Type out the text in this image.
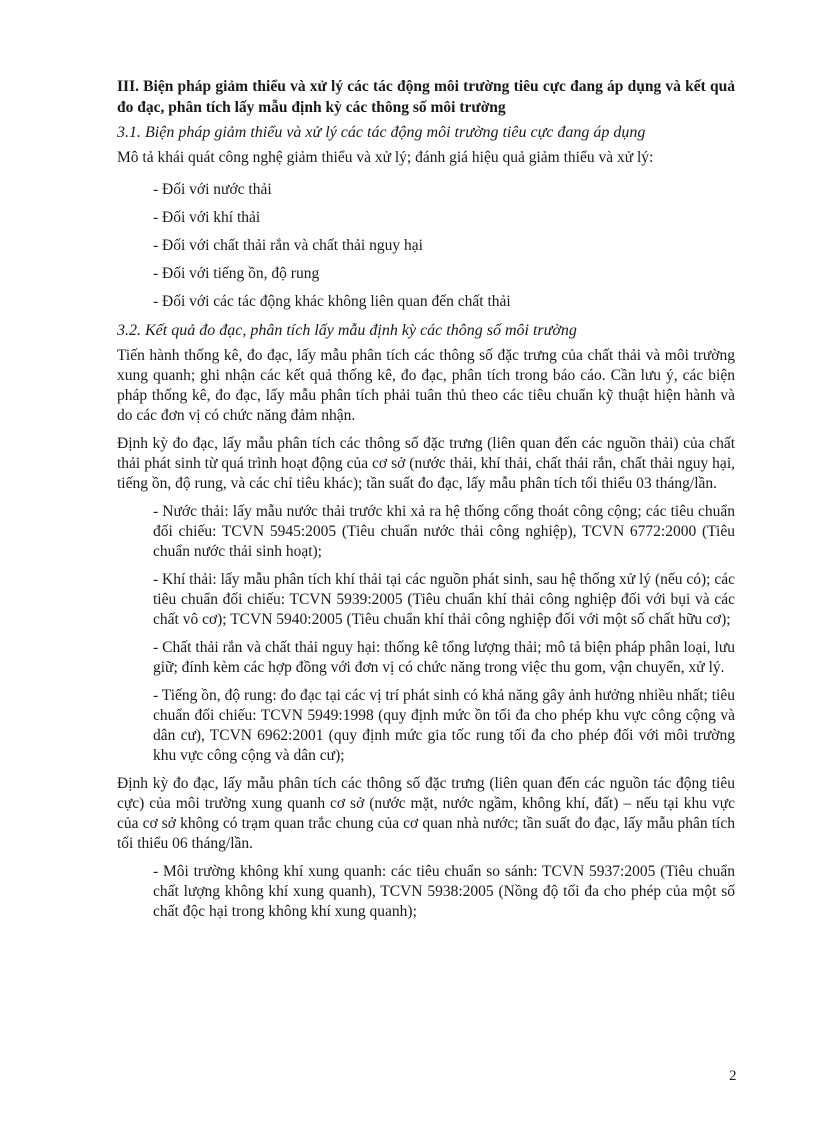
III. Biện pháp giảm thiểu và xử lý các tác động môi trường tiêu cực đang áp dụng và kết quả đo đạc, phân tích lấy mẫu định kỳ các thông số môi trường
3.1. Biện pháp giảm thiểu và xử lý các tác động môi trường tiêu cực đang áp dụng

Mô tả khái quát công nghệ giảm thiểu và xử lý; đánh giá hiệu quả giảm thiểu và xử lý:

- Đối với nước thải
- Đối với khí thải
- Đối với chất thải rắn và chất thải nguy hại
- Đối với tiếng ồn, độ rung
- Đối với các tác động khác không liên quan đến chất thải
3.2. Kết quả đo đạc, phân tích lấy mẫu định kỳ các thông số môi trường

Tiến hành thống kê, đo đạc, lấy mẫu phân tích các thông số đặc trưng của chất thải và môi trường xung quanh; ghi nhận các kết quả thống kê, đo đạc, phân tích trong báo cáo. Cần lưu ý, các biện pháp thống kê, đo đạc, lấy mẫu phân tích phải tuân thủ theo các tiêu chuẩn kỹ thuật hiện hành và do các đơn vị có chức năng đảm nhận.

Định kỳ đo đạc, lấy mẫu phân tích các thông số đặc trưng (liên quan đến các nguồn thải) của chất thải phát sinh từ quá trình hoạt động của cơ sở (nước thải, khí thải, chất thải rắn, chất thải nguy hại, tiếng ồn, độ rung, và các chỉ tiêu khác); tần suất đo đạc, lấy mẫu phân tích tối thiểu 03 tháng/lần.

- Nước thải: lấy mẫu nước thải trước khi xả ra hệ thống cống thoát công cộng; các tiêu chuẩn đối chiếu: TCVN 5945:2005 (Tiêu chuẩn nước thải công nghiệp), TCVN 6772:2000 (Tiêu chuẩn nước thải sinh hoạt);

- Khí thải: lấy mẫu phân tích khí thải tại các nguồn phát sinh, sau hệ thống xử lý (nếu có); các tiêu chuẩn đối chiếu: TCVN 5939:2005 (Tiêu chuẩn khí thải công nghiệp đối với bụi và các chất vô cơ); TCVN 5940:2005 (Tiêu chuẩn khí thải công nghiệp đối với một số chất hữu cơ);

- Chất thải rắn và chất thải nguy hại: thống kê tổng lượng thải; mô tả biện pháp phân loại, lưu giữ; đính kèm các hợp đồng với đơn vị có chức năng trong việc thu gom, vận chuyển, xử lý.

- Tiếng ồn, độ rung: đo đạc tại các vị trí phát sinh có khả năng gây ảnh hưởng nhiều nhất; tiêu chuẩn đối chiếu: TCVN 5949:1998 (quy định mức ồn tối đa cho phép khu vực công cộng và dân cư), TCVN 6962:2001 (quy định mức gia tốc rung tối đa cho phép đối với môi trường khu vực công cộng và dân cư);

Định kỳ đo đạc, lấy mẫu phân tích các thông số đặc trưng (liên quan đến các nguồn tác động tiêu cực) của môi trường xung quanh cơ sở (nước mặt, nước ngầm, không khí, đất) – nếu tại khu vực của cơ sở không có trạm quan trắc chung của cơ quan nhà nước; tần suất đo đạc, lấy mẫu phân tích tối thiểu 06 tháng/lần.

- Môi trường không khí xung quanh: các tiêu chuẩn so sánh: TCVN 5937:2005 (Tiêu chuẩn chất lượng không khí xung quanh), TCVN 5938:2005 (Nồng độ tối đa cho phép của một số chất độc hại trong không khí xung quanh);

2
